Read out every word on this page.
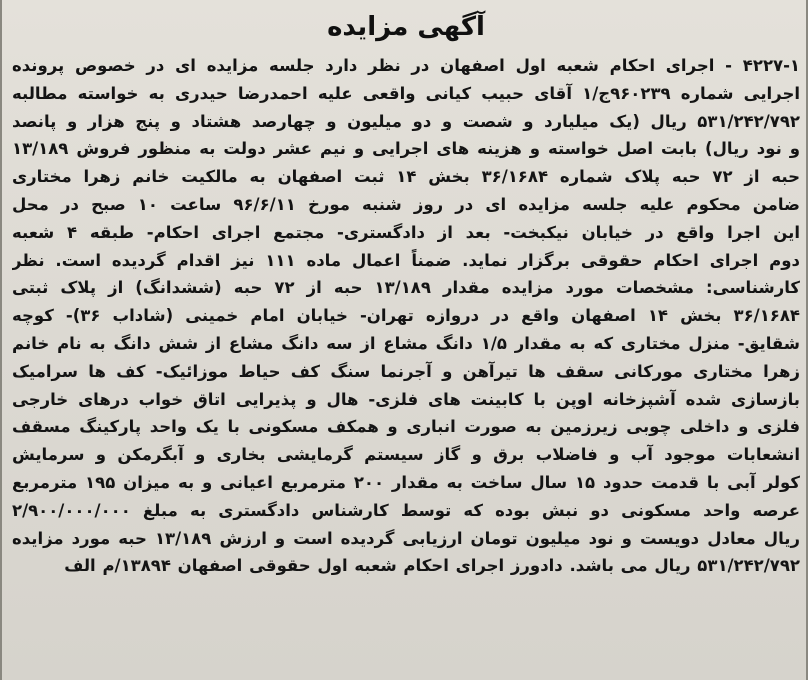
آگهی مزایده
۴۲۲۷-۱ - اجرای احکام شعبه اول اصفهان در نظر دارد جلسه مزایده ای در خصوص پرونده
اجرایی شماره ۹۶۰۲۳۹ج/۱ آقای حبیب کیانی واقعی علیه احمدرضا حیدری به خواسته مطالبه
۵۳۱/۲۴۲/۷۹۲ ریال (یک میلیارد و شصت و دو میلیون و چهارصد هشتاد و پنج هزار و پانصد
و نود ریال) بابت اصل خواسته و هزینه های اجرایی و نیم عشر دولت به منظور فروش ۱۳/۱۸۹
حبه از ۷۲ حبه پلاک شماره ۳۶/۱۶۸۴ بخش ۱۴ ثبت اصفهان به مالکیت خانم زهرا مختاری
ضامن محکوم علیه جلسه مزایده ای در روز شنبه مورخ ۹۶/۶/۱۱ ساعت ۱۰ صبح در محل
این اجرا واقع در خیابان نیکبخت- بعد از دادگستری- مجتمع اجرای احکام- طبقه ۴ شعبه
دوم اجرای احکام حقوقی برگزار نماید. ضمناً اعمال ماده ۱۱۱ نیز اقدام گردیده است. نظر
کارشناسی: مشخصات مورد مزایده مقدار ۱۳/۱۸۹ حبه از ۷۲ حبه (ششدانگ) از پلاک ثبتی
۳۶/۱۶۸۴ بخش ۱۴ اصفهان واقع در دروازه تهران- خیابان امام خمینی (شاداب ۳۶)- کوچه
شقایق- منزل مختاری که به مقدار ۱/۵ دانگ مشاع از سه دانگ مشاع از شش دانگ به نام خانم
زهرا مختاری مورکانی سقف ها تیرآهن و آجرنما سنگ کف حیاط موزائیک- کف ها سرامیک
بازسازی شده آشپزخانه اوپن با کابینت های فلزی- هال و پذیرایی اتاق خواب درهای خارجی
فلزی و داخلی چوبی زیرزمین به صورت انباری و همکف مسکونی با یک واحد پارکینگ مسقف
انشعابات موجود آب و فاضلاب برق و گاز سیستم گرمایشی بخاری و آبگرمکن و سرمایش
کولر آبی با قدمت حدود ۱۵ سال ساخت به مقدار ۲۰۰ مترمربع اعیانی و به میزان ۱۹۵ مترمربع
عرصه واحد مسکونی دو نبش بوده که توسط کارشناس دادگستری به مبلغ ۲/۹۰۰/۰۰۰/۰۰۰
ریال معادل دویست و نود میلیون تومان ارزیابی گردیده است و ارزش ۱۳/۱۸۹ حبه مورد مزایده
۵۳۱/۲۴۲/۷۹۲ ریال می باشد. دادورز اجرای احکام شعبه اول حقوقی اصفهان ۱۳۸۹۴/م الف
